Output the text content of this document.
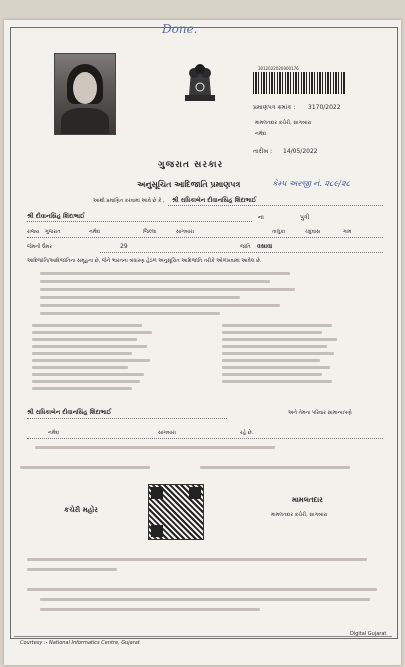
Done.
3012022020000176
પ્રમાણપત્ર ક્રમાંક : 3170/2022
મામલતદાર કચેરી, સાગબારા
નર્મદા
તારીખ : 14/05/2022
ગુજરાત સરકાર
અનુસૂચિત આદિજાતિ પ્રમાણપત્ર	કેમ્પ અરજી નં. ૨૮૯/૨૮
આથી પ્રમાણિત કરવામાં આવે છે કે , શ્રી રાધિકાબેન દીવાનસિંહ શિંદાભાઈ
શ્રી દીવાનસિંહ શિંદાભાઈ	ના	પુત્રી
રાજ્ય ગુજરાત	નર્મદા	જિલ્લા	સાગબારા	તાલુકા	ચંદુવાસ	ગામ
જેમની ઉંમર	29	જાતિ વસાવા
આદિજાતિ/આદિજાતિના સમૂહના છે, જેને ભારતના બંધારણ હેઠળ અનુસૂચિત આદિજાતિ તરીકે ઓળખવામાં આવેલ છે.
શ્રી રાધિકાબેન દીવાનસિંહ શિંદાભાઈ	અને તેમના પરિવાર સામાન્યપણે
નર્મદા	સાગબારા	રહે છે.
કચેરી મહોર
મામલતદાર
મામલતદાર કચેરી, સાગબારા
Courtesy :- National Informatics Centre, Gujarat
Digital Gujarat
